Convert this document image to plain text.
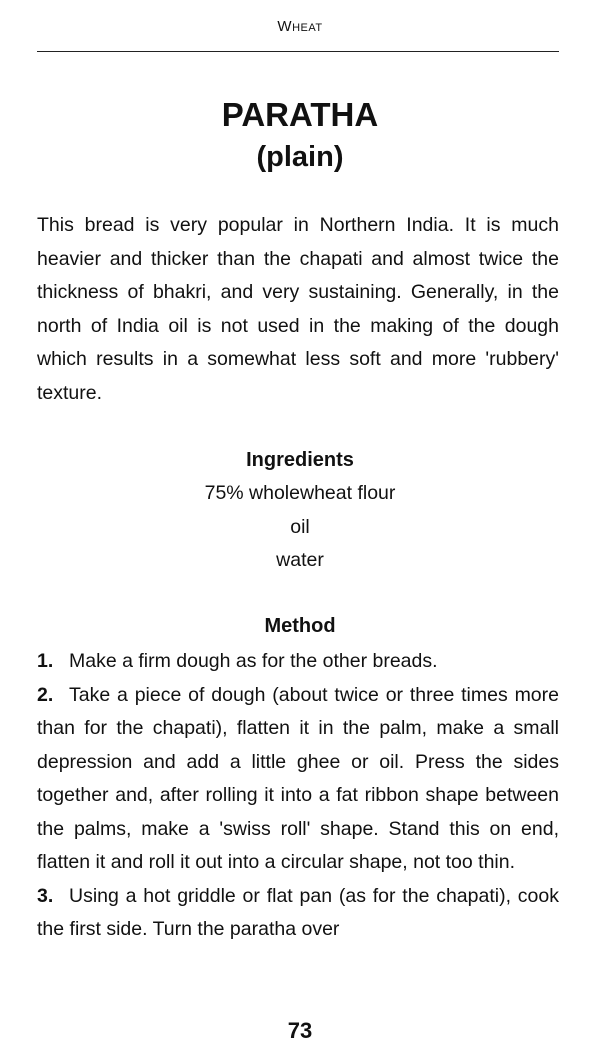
Wheat
PARATHA
(plain)

This bread is very popular in Northern India. It is much heavier and thicker than the chapati and almost twice the thickness of bhakri, and very sustaining. Generally, in the north of India oil is not used in the making of the dough which results in a somewhat less soft and more 'rubbery' texture.

Ingredients
75% wholewheat flour
oil
water
Method
1. Make a firm dough as for the other breads.
2. Take a piece of dough (about twice or three times more than for the chapati), flatten it in the palm, make a small depression and add a little ghee or oil. Press the sides together and, after rolling it into a fat ribbon shape between the palms, make a 'swiss roll' shape. Stand this on end, flatten it and roll it out into a circular shape, not too thin.
3. Using a hot griddle or flat pan (as for the chapati), cook the first side. Turn the paratha over
73
